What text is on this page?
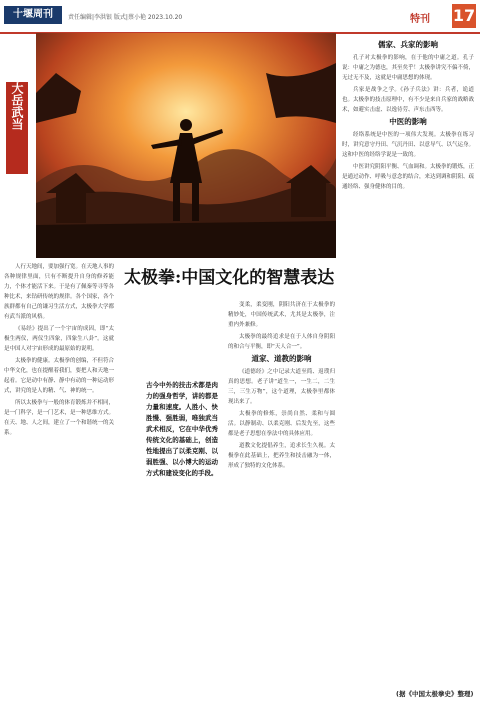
十堰周刊	责任编辑|李洪银 版式|蔡小艳 2023.10.20	特刊 17
大岳武当

人行天地间，要加强行宽。在天地人事的各种规律里面，只有不断提升自身的修养能力，个体才能活下来。于是有了佩秦等寻等各种比术，来钻研传统的规律。各个国家，各个族群都有自己的谦习生活方式，太极拳大学都有武当派的风格。

《易经》提出了一个宇宙的成因，即“太极生两仪，两仪生四象，四象生八卦”。这就是中国人对宇宙形成的最原始的说明。

太极拳的健康。太极拳的创编，不但符合中华文化，也在提醒着我们，要把人和天地一起看。它是动中有静、静中有动的一种运动形式，讲究的是人的精、气、神的统一。

所以太极拳与一般的体育锻炼并不相同，是一门科学，是一门艺术，是一种思维方式。在天、地、人之间，建立了一个和谐统一的关系。

太极拳:中国文化的智慧表达
古今中外的技击术都是肉力的强身哲学，讲的都是力量和速度。人胜小、快胜慢、强胜弱，唯独武当武术相反，它在中华优秀传统文化的基础上，创造性地提出了以柔克刚、以弱胜强、以小博大的运动方式和建设变化的手段。

变柔，柔变刚，阴阳共济在于太极拳的精妙处，中国传统武术，尤其是太极拳，注重内外兼修。

太极拳的最终追求是在于人体自身阴阳的和合与平衡，即“天人合一”。

道家、道教的影响

《道德经》之中记录大道至简、返璞归真的思想。老子讲“道生一，一生二，二生三，三生万物”，这个道理，太极拳里都体现出来了。

太极拳的修炼，崇尚自然、柔和与圆活。以静制动、以柔克刚、后发先至，这些都是老子思想在拳法中的具体应用。

道教文化提倡养生，追求长生久视。太极拳在此基础上，把养生和技击融为一体，形成了独特的文化体系。

儒家、兵家的影响

孔子对太极拳的影响，在于他的中庸之道。孔子说：中庸之为德也，其至矣乎！太极拳讲究不偏不倚，无过无不及，这就是中庸思想的体现。

兵家是战争之学。《孙子兵法》讲：兵者，诡道也。太极拳的技击原理中，有不少是来自兵家的战略战术，如避实击虚、以逸待劳、声东击西等。

中医的影响

经络系统是中医的一项伟大发现。太极拳在练习时，讲究意守丹田、气沉丹田、以意导气、以气运身。这和中医的经络学说是一致的。

中医讲究阴阳平衡、气血调和。太极拳的锻炼，正是通过动作、呼吸与意念的结合，来达到调和阴阳、疏通经络、强身健体的目的。

(据《中国太极拳史》整理)
